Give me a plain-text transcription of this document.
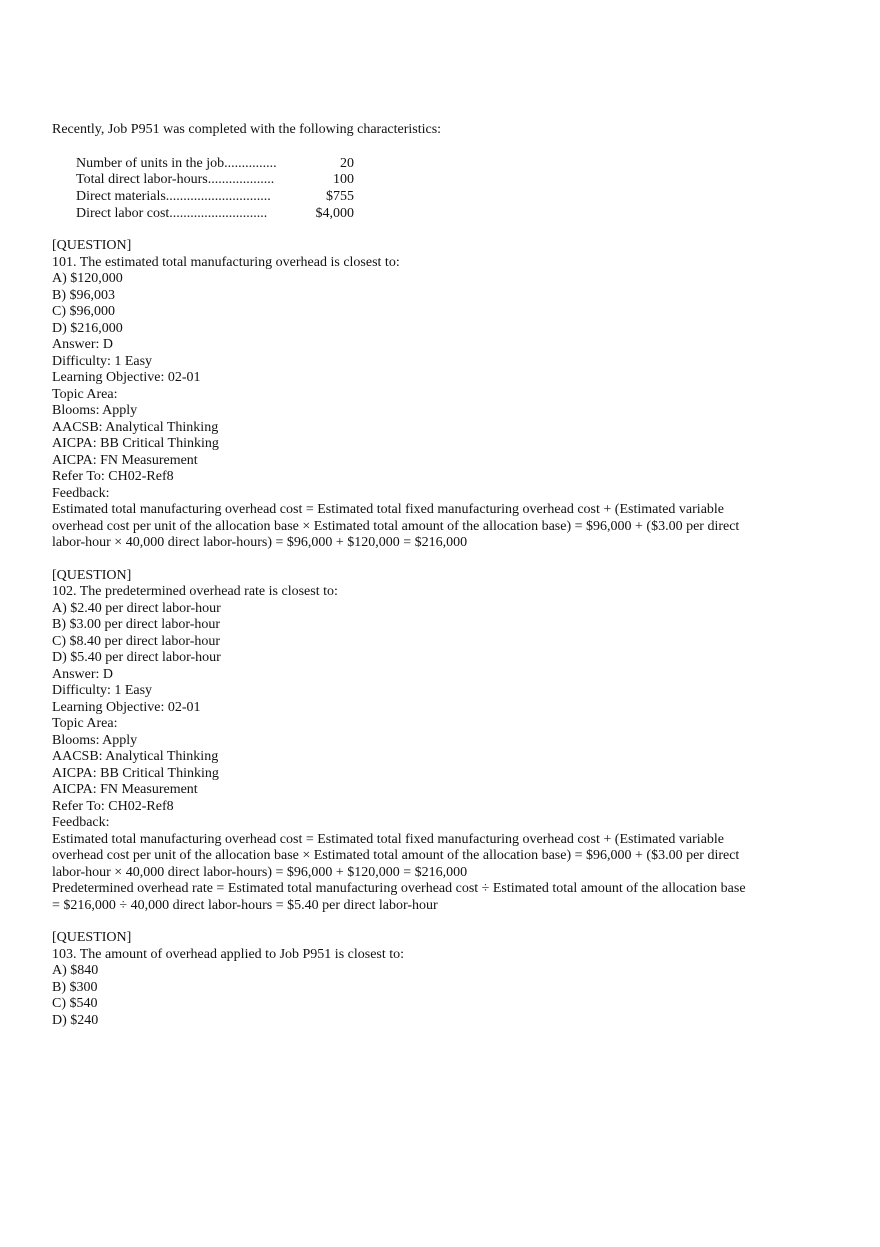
Recently, Job P951 was completed with the following characteristics:
Number of units in the job...............	20
Total direct labor-hours...................	100
Direct materials..............................	$755
Direct labor cost............................	$4,000
[QUESTION]
101. The estimated total manufacturing overhead is closest to:
A) $120,000
B) $96,003
C) $96,000
D) $216,000
Answer: D
Difficulty: 1 Easy
Learning Objective: 02-01
Topic Area:
Blooms: Apply
AACSB: Analytical Thinking
AICPA: BB Critical Thinking
AICPA: FN Measurement
Refer To: CH02-Ref8
Feedback:
Estimated total manufacturing overhead cost = Estimated total fixed manufacturing overhead cost + (Estimated variable overhead cost per unit of the allocation base × Estimated total amount of the allocation base) = $96,000 + ($3.00 per direct labor-hour × 40,000 direct labor-hours) = $96,000 + $120,000 = $216,000
[QUESTION]
102. The predetermined overhead rate is closest to:
A) $2.40 per direct labor-hour
B) $3.00 per direct labor-hour
C) $8.40 per direct labor-hour
D) $5.40 per direct labor-hour
Answer: D
Difficulty: 1 Easy
Learning Objective: 02-01
Topic Area:
Blooms: Apply
AACSB: Analytical Thinking
AICPA: BB Critical Thinking
AICPA: FN Measurement
Refer To: CH02-Ref8
Feedback:
Estimated total manufacturing overhead cost = Estimated total fixed manufacturing overhead cost + (Estimated variable overhead cost per unit of the allocation base × Estimated total amount of the allocation base) = $96,000 + ($3.00 per direct labor-hour × 40,000 direct labor-hours) = $96,000 + $120,000 = $216,000
Predetermined overhead rate = Estimated total manufacturing overhead cost ÷ Estimated total amount of the allocation base = $216,000 ÷ 40,000 direct labor-hours = $5.40 per direct labor-hour
[QUESTION]
103. The amount of overhead applied to Job P951 is closest to:
A) $840
B) $300
C) $540
D) $240
